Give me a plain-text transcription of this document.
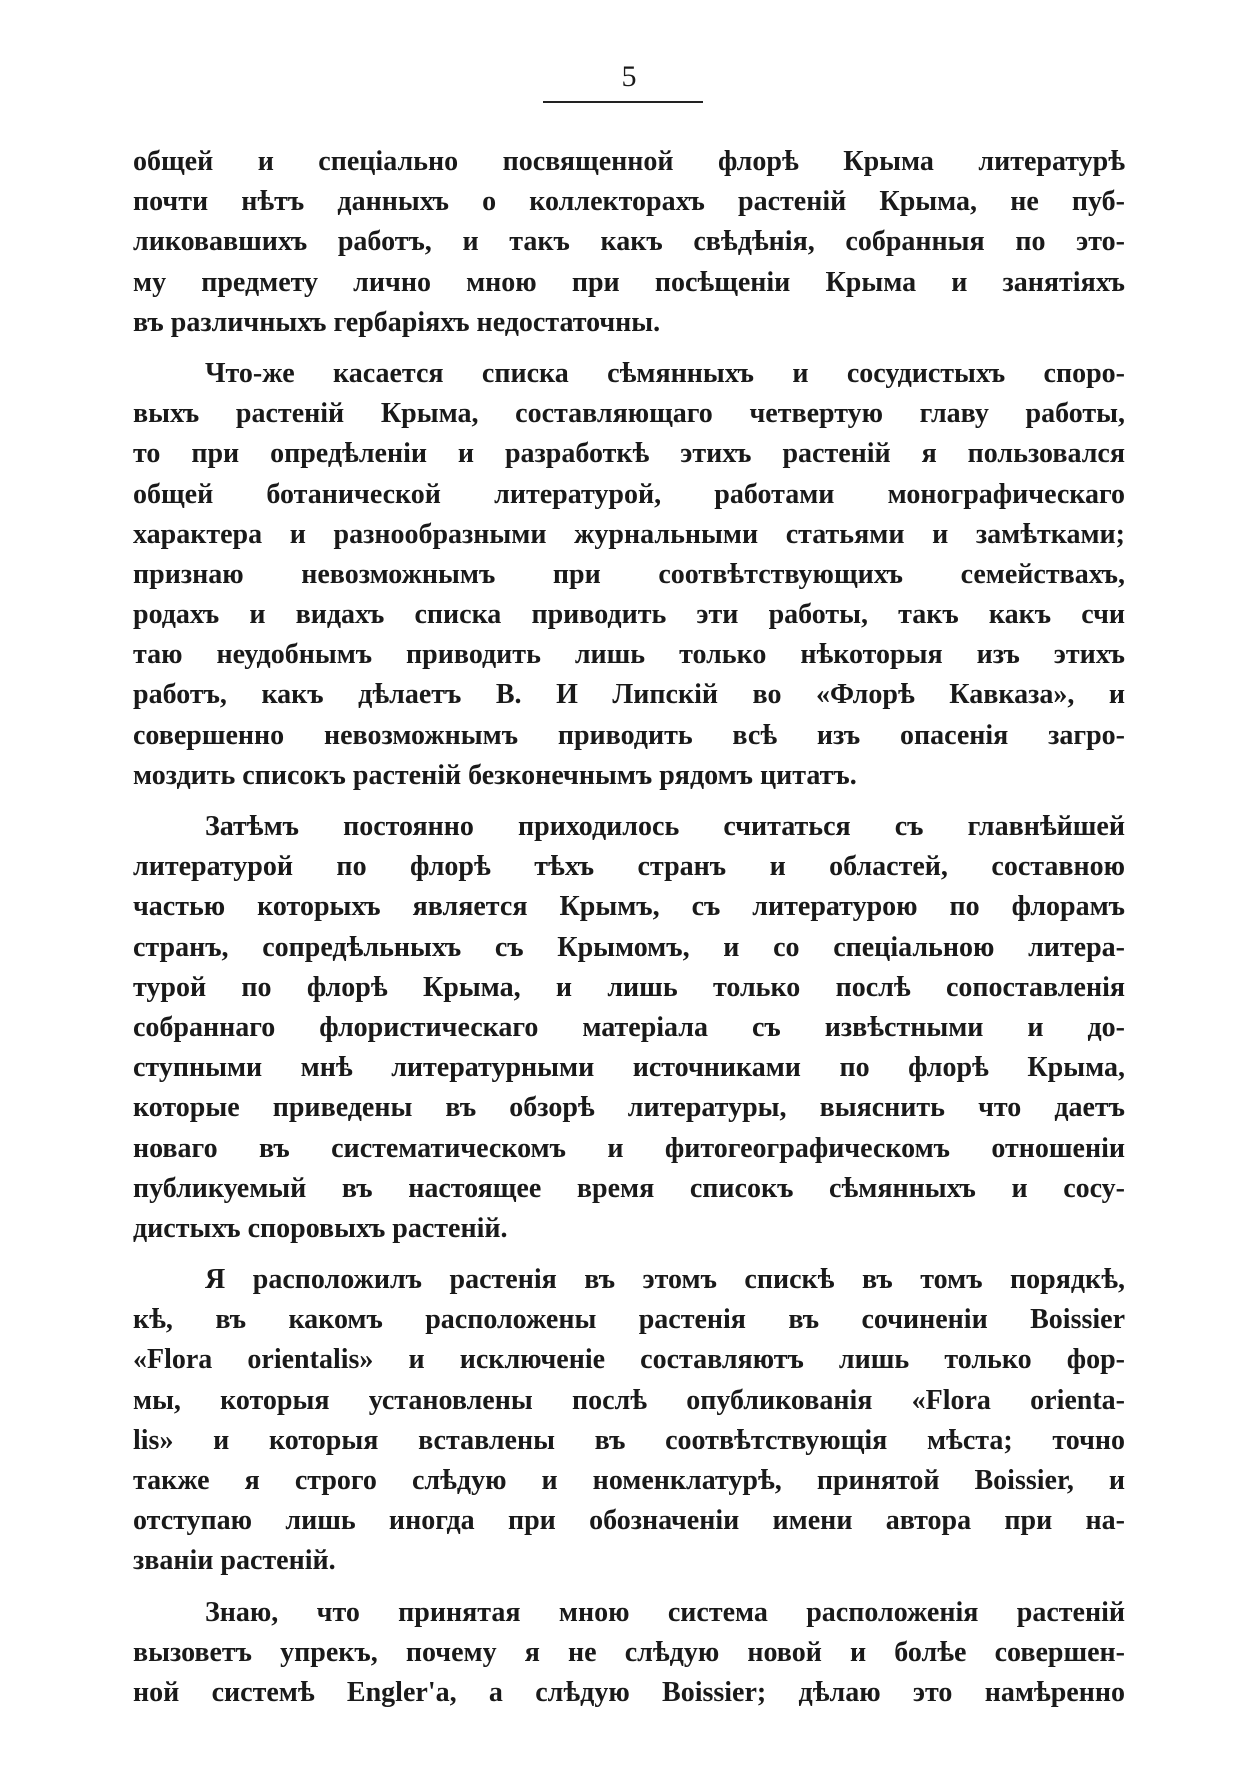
5
общей и спеціально посвященной флорѣ Крыма литературѣ
почти нѣтъ данныхъ о коллекторахъ растеній Крыма, не пуб-
ликовавшихъ работъ, и такъ какъ свѣдѣнія, собранныя по это-
му предмету лично мною при посѣщеніи Крыма и занятіяхъ
въ различныхъ гербаріяхъ недостаточны.
Что-же касается списка сѣмянныхъ и сосудистыхъ споро-
выхъ растеній Крыма, составляющаго четвертую главу работы,
то при опредѣленіи и разработкѣ этихъ растеній я пользовался
общей ботанической литературой, работами монографическаго
характера и разнообразными журнальными статьями и замѣтками;
признаю невозможнымъ при соотвѣтствующихъ семействахъ,
родахъ и видахъ списка приводить эти работы, такъ какъ счи
таю неудобнымъ приводить лишь только нѣкоторыя изъ этихъ
работъ, какъ дѣлаетъ В. И Липскій во «Флорѣ Кавказа», и
совершенно невозможнымъ приводить всѣ изъ опасенія загро-
моздить списокъ растеній безконечнымъ рядомъ цитатъ.
Затѣмъ постоянно приходилось считаться съ главнѣйшей
литературой по флорѣ тѣхъ странъ и областей, составною
частью которыхъ является Крымъ, съ литературою по флорамъ
странъ, сопредѣльныхъ съ Крымомъ, и со спеціальною литера-
турой по флорѣ Крыма, и лишь только послѣ сопоставленія
собраннаго флористическаго матеріала съ извѣстными и до-
ступными мнѣ литературными источниками по флорѣ Крыма,
которые приведены въ обзорѣ литературы, выяснить что даетъ
новаго въ систематическомъ и фитогеографическомъ отношеніи
публикуемый въ настоящее время списокъ сѣмянныхъ и сосу-
дистыхъ споровыхъ растеній.
Я расположилъ растенія въ этомъ спискѣ въ томъ порядкѣ,
кѣ, въ какомъ расположены растенія въ сочиненіи Boissier
«Flora orientalis» и исключеніе составляютъ лишь только фор-
мы, которыя установлены послѣ опубликованія «Flora orienta-
lis» и которыя вставлены въ соотвѣтствующія мѣста; точно
также я строго слѣдую и номенклатурѣ, принятой Boissier, и
отступаю лишь иногда при обозначеніи имени автора при на-
званіи растеній.
Знаю, что принятая мною система расположенія растеній
вызоветъ упрекъ, почему я не слѣдую новой и болѣе совершен-
ной системѣ Engler'a, а слѣдую Boissier; дѣлаю это намѣренно
